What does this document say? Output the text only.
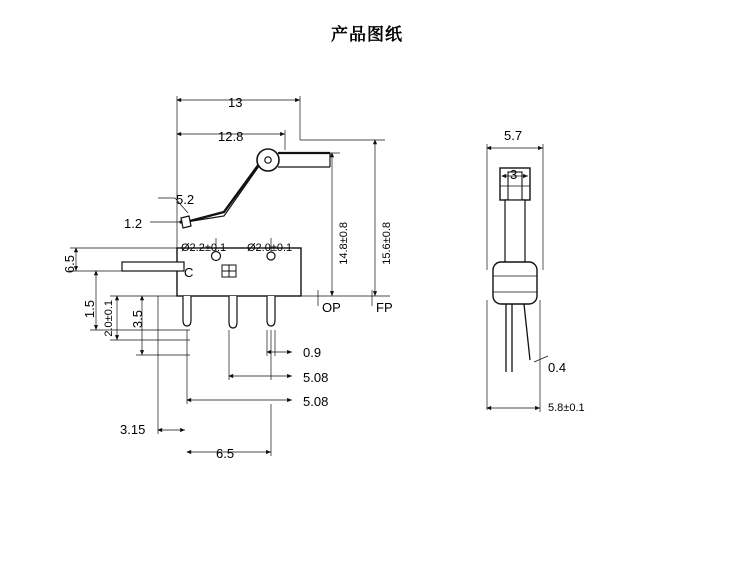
产品图纸
13
12.8
5.2
1.2
Ø2.2±0.1 Ø2.0±0.1	14.8±0.8	15.6±0.8
6.5
1.5 2.0±0.1 3.5
0.9
5.08
5.08
3.15
6.5
OP	FP
C
5.7
3
0.4
5.8±0.1
